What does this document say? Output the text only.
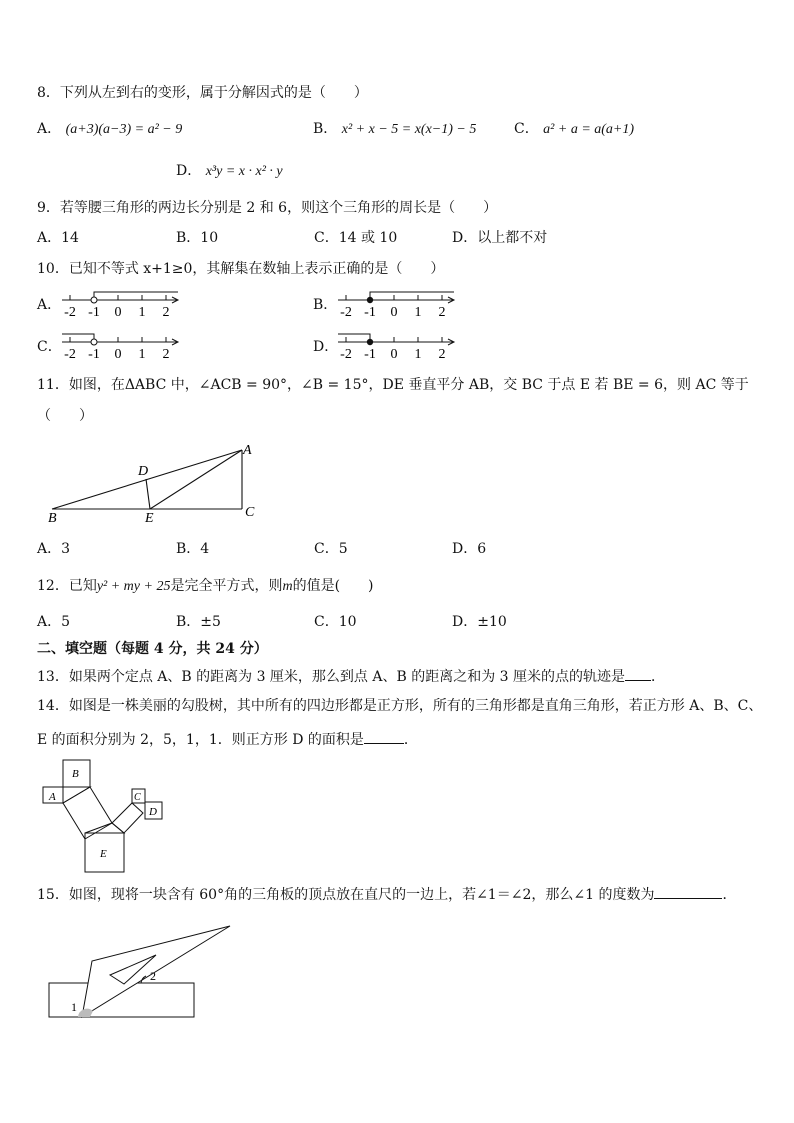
8．下列从左到右的变形，属于分解因式的是（　　）
A． (a+3)(a−3) = a² − 9	B． x² + x − 5 = x(x−1) − 5	C． a² + a = a(a+1)
D． x³y = x · x² · y
9．若等腰三角形的两边长分别是 2 和 6，则这个三角形的周长是（　　）
A．14	B．10	C．14 或 10	D．以上都不对
10．已知不等式 x+1≥0，其解集在数轴上表示正确的是（　　）
A． -2 -1 0 1 2	B． -2 -1 0 1 2
C． -2 -1 0 1 2	D． -2 -1 0 1 2
11．如图，在ΔABC 中，∠ACB = 90°，∠B = 15°，DE 垂直平分 AB，交 BC 于点 E 若 BE = 6，则 AC 等于
（　　）
A
B	C
D
E
A．3	B．4	C．5	D．6
12．已知y² + my + 25是完全平方式，则m的值是(　　)
A．5	B．±5	C．10	D．±10
二、填空题（每题 4 分，共 24 分）
13．如果两个定点 A、B 的距离为 3 厘米，那么到点 A、B 的距离之和为 3 厘米的点的轨迹是 ．
14．如图是一株美丽的勾股树，其中所有的四边形都是正方形，所有的三角形都是直角三角形，若正方形 A、B、C、
E 的面积分别为 2，5，1，1．则正方形 D 的面积是	．
A
B
C
D
E
15．如图，现将一块含有 60°角的三角板的顶点放在直尺的一边上，若∠1＝∠2，那么∠1 的度数为	．
1
2
